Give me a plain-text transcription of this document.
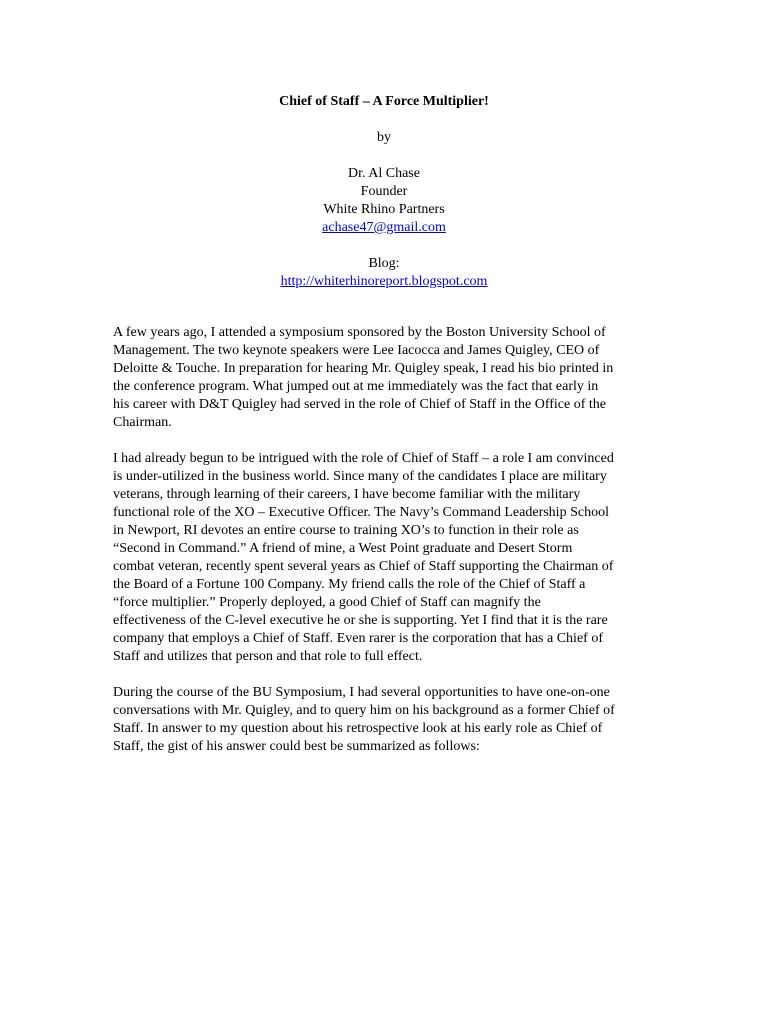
Chief of Staff – A Force Multiplier!
by
Dr. Al Chase
Founder
White Rhino Partners
achase47@gmail.com
Blog:
http://whiterhinoreport.blogspot.com
A few years ago, I attended a symposium sponsored by the Boston University School of
Management. The two keynote speakers were Lee Iacocca and James Quigley, CEO of
Deloitte & Touche. In preparation for hearing Mr. Quigley speak, I read his bio printed in
the conference program. What jumped out at me immediately was the fact that early in
his career with D&T Quigley had served in the role of Chief of Staff in the Office of the
Chairman.
I had already begun to be intrigued with the role of Chief of Staff – a role I am convinced
is under-utilized in the business world. Since many of the candidates I place are military
veterans, through learning of their careers, I have become familiar with the military
functional role of the XO – Executive Officer. The Navy’s Command Leadership School
in Newport, RI devotes an entire course to training XO’s to function in their role as
“Second in Command.” A friend of mine, a West Point graduate and Desert Storm
combat veteran, recently spent several years as Chief of Staff supporting the Chairman of
the Board of a Fortune 100 Company. My friend calls the role of the Chief of Staff a
“force multiplier.” Properly deployed, a good Chief of Staff can magnify the
effectiveness of the C-level executive he or she is supporting. Yet I find that it is the rare
company that employs a Chief of Staff. Even rarer is the corporation that has a Chief of
Staff and utilizes that person and that role to full effect.
During the course of the BU Symposium, I had several opportunities to have one-on-one
conversations with Mr. Quigley, and to query him on his background as a former Chief of
Staff. In answer to my question about his retrospective look at his early role as Chief of
Staff, the gist of his answer could best be summarized as follows:
